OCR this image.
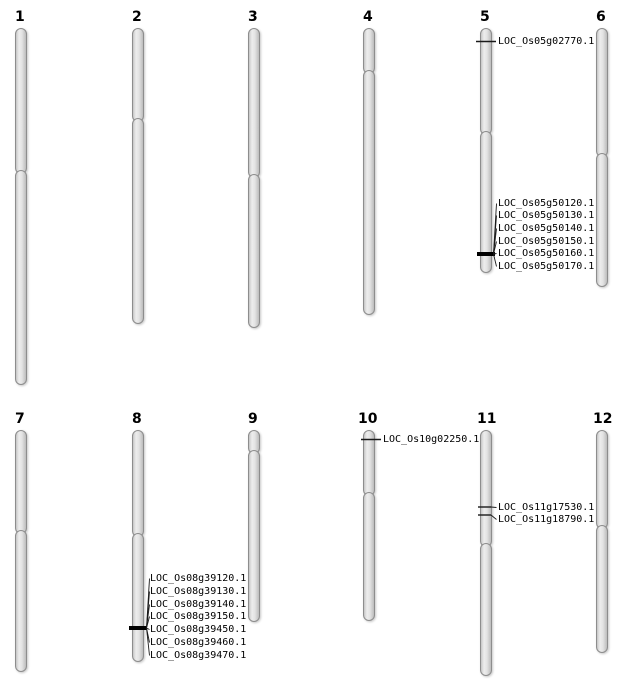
1	2	3	4	5	6
7	8	9	10	11	12
LOC_Os05g02770.1
LOC_Os05g50120.1
LOC_Os05g50130.1
LOC_Os05g50140.1
LOC_Os05g50150.1
LOC_Os05g50160.1
LOC_Os05g50170.1
LOC_Os08g39120.1
LOC_Os08g39130.1
LOC_Os08g39140.1
LOC_Os08g39150.1
LOC_Os08g39450.1
LOC_Os08g39460.1
LOC_Os08g39470.1
LOC_Os10g02250.1
LOC_Os11g17530.1
LOC_Os11g18790.1
